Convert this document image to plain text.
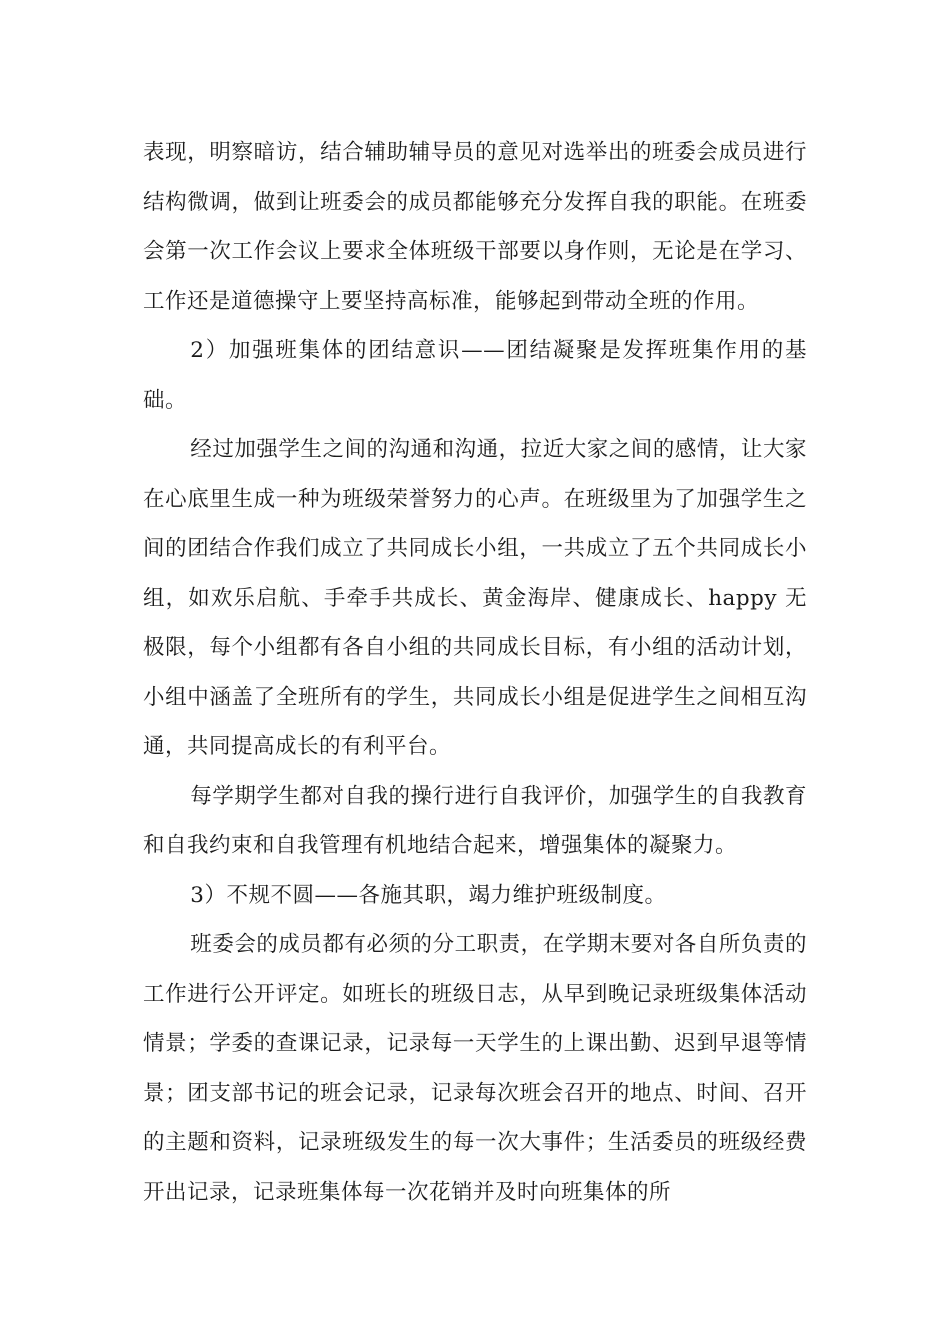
表现，明察暗访，结合辅助辅导员的意见对选举出的班委会成员进行结构微调，做到让班委会的成员都能够充分发挥自我的职能。在班委会第一次工作会议上要求全体班级干部要以身作则，无论是在学习、工作还是道德操守上要坚持高标准，能够起到带动全班的作用。

2）加强班集体的团结意识——团结凝聚是发挥班集作用的基础。

经过加强学生之间的沟通和沟通，拉近大家之间的感情，让大家在心底里生成一种为班级荣誉努力的心声。在班级里为了加强学生之间的团结合作我们成立了共同成长小组，一共成立了五个共同成长小组，如欢乐启航、手牵手共成长、黄金海岸、健康成长、happy 无极限，每个小组都有各自小组的共同成长目标，有小组的活动计划，小组中涵盖了全班所有的学生，共同成长小组是促进学生之间相互沟通，共同提高成长的有利平台。

每学期学生都对自我的操行进行自我评价，加强学生的自我教育和自我约束和自我管理有机地结合起来，增强集体的凝聚力。

3）不规不圆——各施其职，竭力维护班级制度。

班委会的成员都有必须的分工职责，在学期末要对各自所负责的工作进行公开评定。如班长的班级日志，从早到晚记录班级集体活动情景；学委的查课记录，记录每一天学生的上课出勤、迟到早退等情景；团支部书记的班会记录，记录每次班会召开的地点、时间、召开的主题和资料，记录班级发生的每一次大事件；生活委员的班级经费开出记录，记录班集体每一次花销并及时向班集体的所
